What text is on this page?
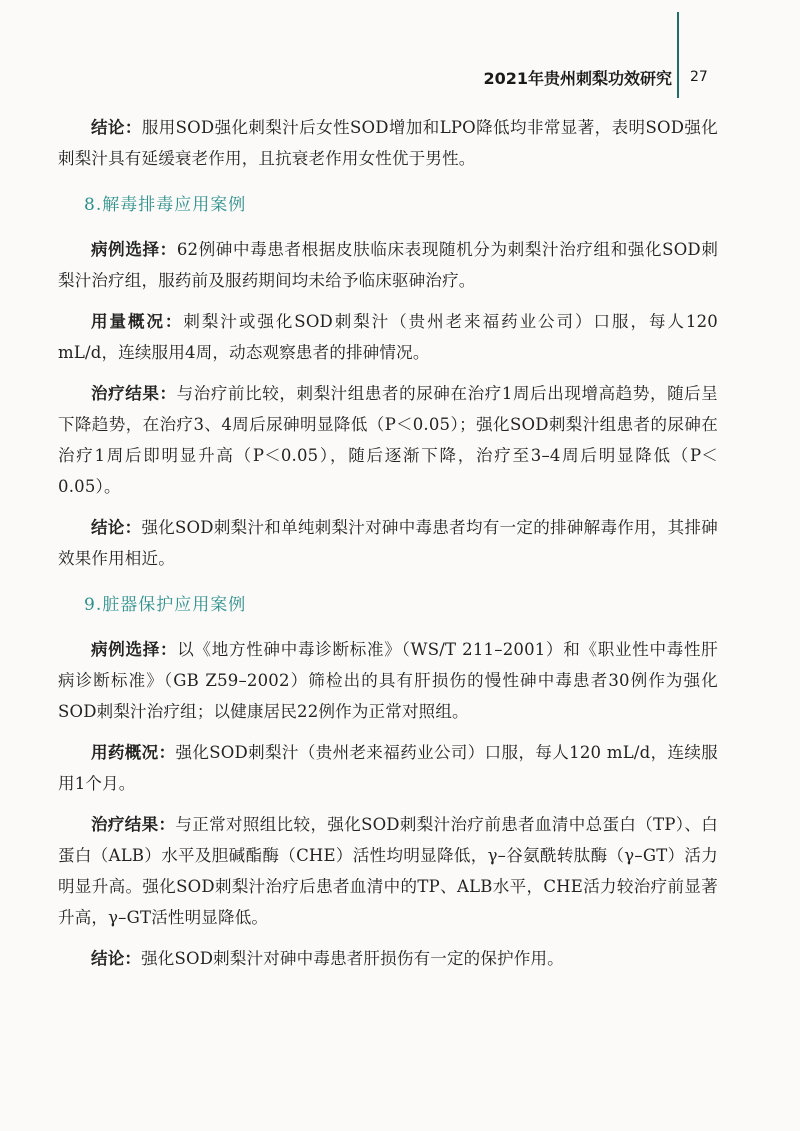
2021年贵州刺梨功效研究 27

结论：服用SOD强化刺梨汁后女性SOD增加和LPO降低均非常显著，表明SOD强化刺梨汁具有延缓衰老作用，且抗衰老作用女性优于男性。

8.解毒排毒应用案例

病例选择：62例砷中毒患者根据皮肤临床表现随机分为刺梨汁治疗组和强化SOD刺梨汁治疗组，服药前及服药期间均未给予临床驱砷治疗。

用量概况：刺梨汁或强化SOD刺梨汁（贵州老来福药业公司）口服，每人120 mL/d，连续服用4周，动态观察患者的排砷情况。

治疗结果：与治疗前比较，刺梨汁组患者的尿砷在治疗1周后出现增高趋势，随后呈下降趋势，在治疗3、4周后尿砷明显降低（P＜0.05）；强化SOD刺梨汁组患者的尿砷在治疗1周后即明显升高（P＜0.05），随后逐渐下降，治疗至3–4周后明显降低（P＜0.05）。

结论：强化SOD刺梨汁和单纯刺梨汁对砷中毒患者均有一定的排砷解毒作用，其排砷效果作用相近。

9.脏器保护应用案例

病例选择：以《地方性砷中毒诊断标准》（WS/T 211–2001）和《职业性中毒性肝病诊断标准》（GB Z59–2002）筛检出的具有肝损伤的慢性砷中毒患者30例作为强化SOD刺梨汁治疗组；以健康居民22例作为正常对照组。

用药概况：强化SOD刺梨汁（贵州老来福药业公司）口服，每人120 mL/d，连续服用1个月。

治疗结果：与正常对照组比较，强化SOD刺梨汁治疗前患者血清中总蛋白（TP）、白蛋白（ALB）水平及胆碱酯酶（CHE）活性均明显降低，γ–谷氨酰转肽酶（γ–GT）活力明显升高。强化SOD刺梨汁治疗后患者血清中的TP、ALB水平，CHE活力较治疗前显著升高，γ–GT活性明显降低。

结论：强化SOD刺梨汁对砷中毒患者肝损伤有一定的保护作用。
